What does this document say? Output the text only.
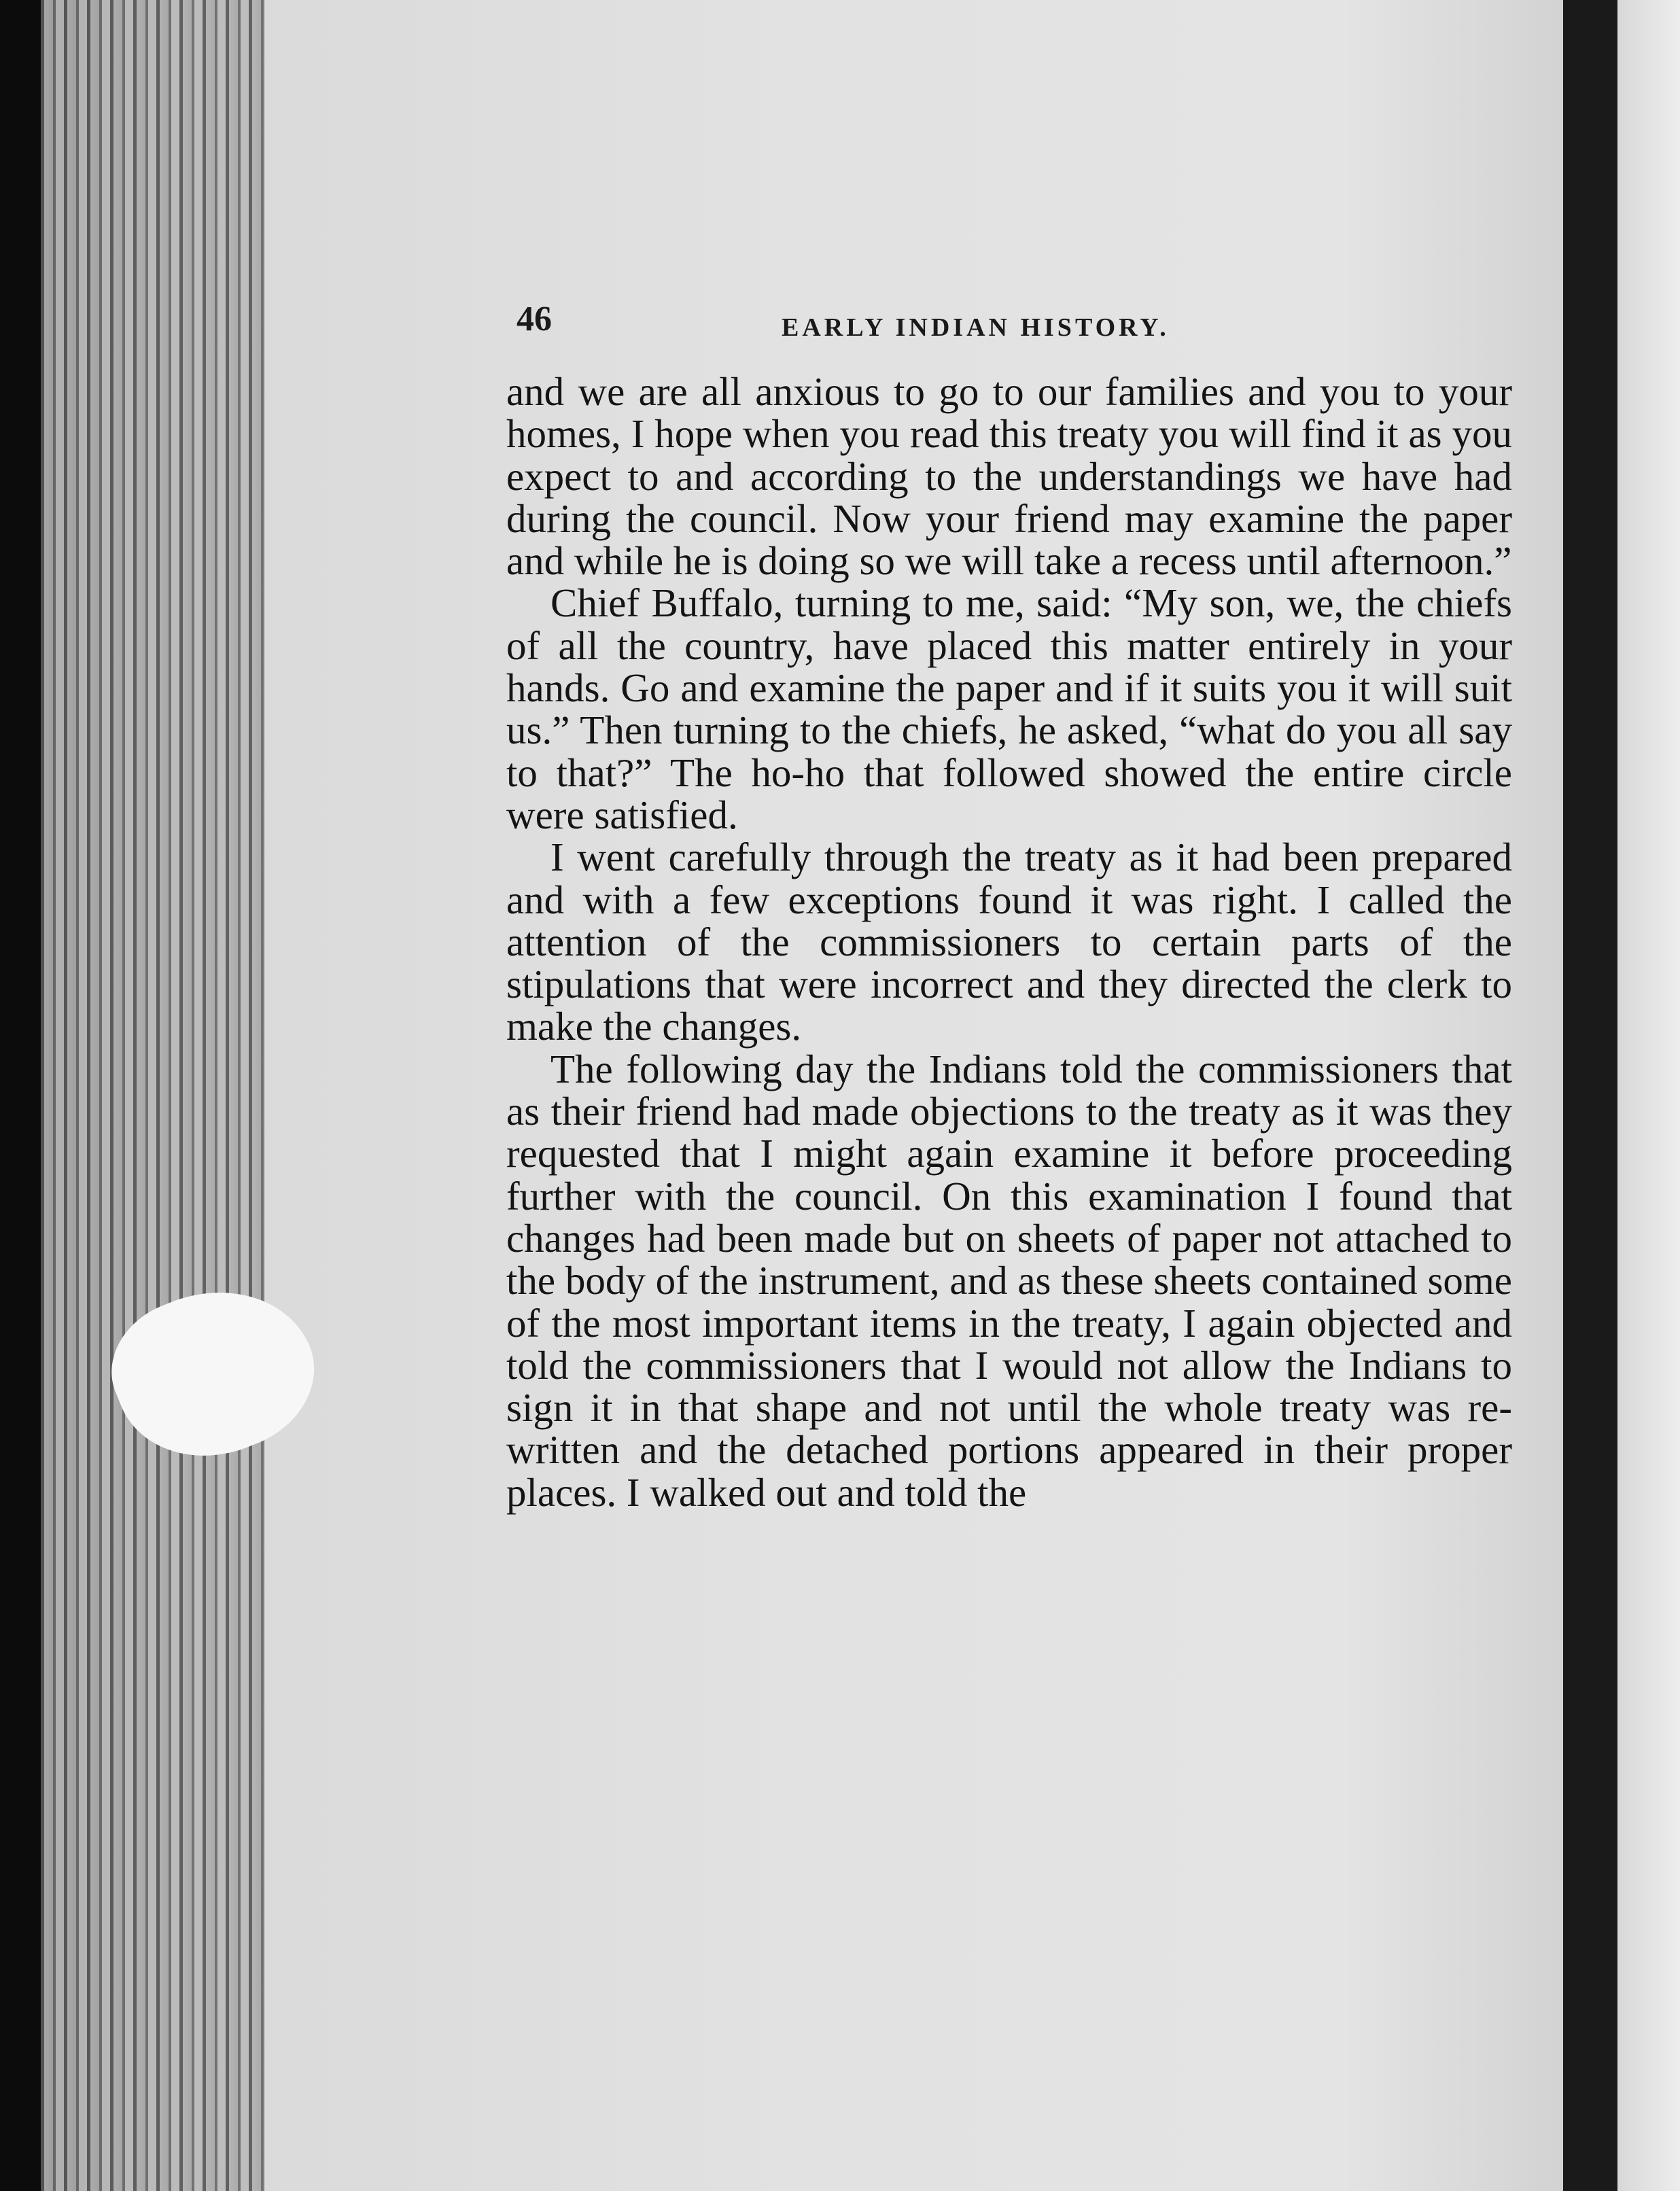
46	EARLY INDIAN HISTORY.

and we are all anxious to go to our families and you to your homes, I hope when you read this treaty you will find it as you expect to and according to the understandings we have had during the council. Now your friend may examine the paper and while he is doing so we will take a recess until afternoon.”

Chief Buffalo, turning to me, said: “My son, we, the chiefs of all the country, have placed this matter entirely in your hands. Go and examine the paper and if it suits you it will suit us.” Then turning to the chiefs, he asked, “what do you all say to that?” The ho-ho that followed showed the entire circle were satisfied.

I went carefully through the treaty as it had been prepared and with a few exceptions found it was right. I called the attention of the commissioners to certain parts of the stipulations that were incorrect and they directed the clerk to make the changes.

The following day the Indians told the commissioners that as their friend had made objections to the treaty as it was they requested that I might again examine it before proceeding further with the council. On this examination I found that changes had been made but on sheets of paper not attached to the body of the instrument, and as these sheets contained some of the most important items in the treaty, I again objected and told the commissioners that I would not allow the Indians to sign it in that shape and not until the whole treaty was re-written and the detached portions appeared in their proper places. I walked out and told the
